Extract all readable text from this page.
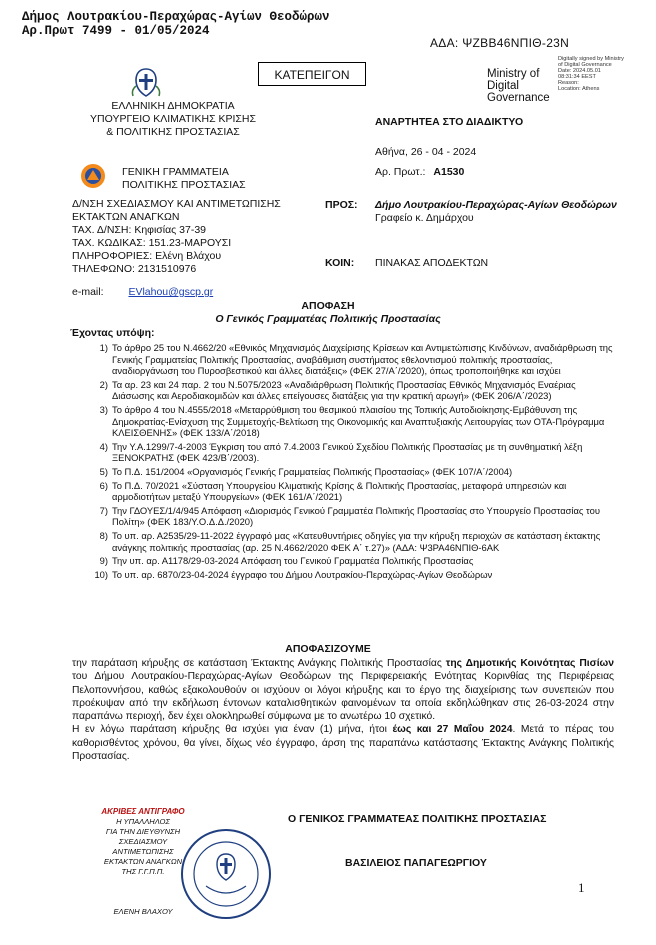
Δήμος Λουτρακίου-Περαχώρας-Αγίων Θεοδώρων
Αρ.Πρωτ 7499 - 01/05/2024
ΑΔΑ: ΨΖΒΒ46ΝΠΙΘ-23Ν
ΚΑΤΕΠΕΙΓΟΝ	Ministry of Digital Governance
Digitally signed by Ministry
of Digital Governance
Date: 2024.05.01
08:31:34 EEST
Reason:
Location: Athens
ΕΛΛΗΝΙΚΗ ΔΗΜΟΚΡΑΤΙΑ
ΥΠΟΥΡΓΕΙΟ ΚΛΙΜΑΤΙΚΗΣ ΚΡΙΣΗΣ
& ΠΟΛΙΤΙΚΗΣ ΠΡΟΣΤΑΣΙΑΣ
ΓΕΝΙΚΗ ΓΡΑΜΜΑΤΕΙΑ
ΠΟΛΙΤΙΚΗΣ ΠΡΟΣΤΑΣΙΑΣ
Δ/ΝΣΗ ΣΧΕΔΙΑΣΜΟΥ ΚΑΙ ΑΝΤΙΜΕΤΩΠΙΣΗΣ
ΕΚΤΑΚΤΩΝ ΑΝΑΓΚΩΝ
ΤΑΧ. Δ/ΝΣΗ: Κηφισίας 37-39
ΤΑΧ. ΚΩΔΙΚΑΣ: 151.23-ΜΑΡΟΥΣΙ
ΠΛΗΡΟΦΟΡΙΕΣ: Ελένη Βλάχου
ΤΗΛΕΦΩΝΟ: 2131510976
e-mail: EVlahou@gscp.gr
ΑΝΑΡΤΗΤΕΑ ΣΤΟ ΔΙΑΔΙΚΤΥΟ
Αθήνα, 26 - 04 - 2024
Αρ. Πρωτ.: Α1530
ΠΡΟΣ: Δήμο Λουτρακίου-Περαχώρας-Αγίων Θεοδώρων
Γραφείο κ. Δημάρχου
ΚΟΙΝ: ΠΙΝΑΚΑΣ ΑΠΟΔΕΚΤΩΝ
ΑΠΟΦΑΣΗ
Ο Γενικός Γραμματέας Πολιτικής Προστασίας
Έχοντας υπόψη:
1) Το άρθρο 25 του Ν.4662/20 «Εθνικός Μηχανισμός Διαχείρισης Κρίσεων και Αντιμετώπισης Κινδύνων, αναδιάρθρωση της Γενικής Γραμματείας Πολιτικής Προστασίας, αναβάθμιση συστήματος εθελοντισμού πολιτικής προστασίας, αναδιοργάνωση του Πυροσβεστικού και άλλες διατάξεις» (ΦΕΚ 27/Α΄/2020), όπως τροποποιήθηκε και ισχύει
2) Τα αρ. 23 και 24 παρ. 2 του Ν.5075/2023 «Αναδιάρθρωση Πολιτικής Προστασίας Εθνικός Μηχανισμός Εναέριας Διάσωσης και Αεροδιακομιδών και άλλες επείγουσες διατάξεις για την κρατική αρωγή» (ΦΕΚ 206/Α΄/2023)
3) Το άρθρο 4 του Ν.4555/2018 «Μεταρρύθμιση του θεσμικού πλαισίου της Τοπικής Αυτοδιοίκησης-Εμβάθυνση της Δημοκρατίας-Ενίσχυση της Συμμετοχής-Βελτίωση της Οικονομικής και Αναπτυξιακής Λειτουργίας των ΟΤΑ-Πρόγραμμα ΚΛΕΙΣΘΕΝΗΣ» (ΦΕΚ 133/Α΄/2018)
4) Την Υ.Α.1299/7-4-2003 Έγκριση του από 7.4.2003 Γενικού Σχεδίου Πολιτικής Προστασίας με τη συνθηματική λέξη ΞΕΝΟΚΡΑΤΗΣ (ΦΕΚ 423/Β΄/2003).
5) Το Π.Δ. 151/2004 «Οργανισμός Γενικής Γραμματείας Πολιτικής Προστασίας» (ΦΕΚ 107/Α΄/2004)
6) Το Π.Δ. 70/2021 «Σύσταση Υπουργείου Κλιματικής Κρίσης & Πολιτικής Προστασίας, μεταφορά υπηρεσιών και αρμοδιοτήτων μεταξύ Υπουργείων» (ΦΕΚ 161/Α΄/2021)
7) Την ΓΔΟΥΕΣ/1/4/945 Απόφαση «Διορισμός Γενικού Γραμματέα Πολιτικής Προστασίας στο Υπουργείο Προστασίας του Πολίτη» (ΦΕΚ 183/Υ.Ο.Δ.Δ./2020)
8) Το υπ. αρ. Α2535/29-11-2022 έγγραφό μας «Κατευθυντήριες οδηγίες για την κήρυξη περιοχών σε κατάσταση έκτακτης ανάγκης πολιτικής προστασίας (αρ. 25 Ν.4662/2020 ΦΕΚ Α΄ τ.27)» (ΑΔΑ: Ψ3ΡΑ46ΝΠΙΘ-6ΑΚ
9) Την υπ. αρ. Α1178/29-03-2024 Απόφαση του Γενικού Γραμματέα Πολιτικής Προστασίας
10) Το υπ. αρ. 6870/23-04-2024 έγγραφο του Δήμου Λουτρακίου-Περαχώρας-Αγίων Θεοδώρων
ΑΠΟΦΑΣΙΖΟΥΜΕ

την παράταση κήρυξης σε κατάσταση Έκτακτης Ανάγκης Πολιτικής Προστασίας της Δημοτικής Κοινότητας Πισίων του Δήμου Λουτρακίου-Περαχώρας-Αγίων Θεοδώρων της Περιφερειακής Ενότητας Κορινθίας της Περιφέρειας Πελοποννήσου, καθώς εξακολουθούν οι ισχύουν οι λόγοι κήρυξης και το έργο της διαχείρισης των συνεπειών που προέκυψαν από την εκδήλωση έντονων καταλισθητικών φαινομένων τα οποία εκδηλώθηκαν στις 26-03-2024 στην παραπάνω περιοχή, δεν έχει ολοκληρωθεί σύμφωνα με το ανωτέρω 10 σχετικό.

Η εν λόγω παράταση κήρυξης θα ισχύει για έναν (1) μήνα, ήτοι έως και 27 Μαΐου 2024. Μετά το πέρας του καθορισθέντος χρόνου, θα γίνει, δίχως νέο έγγραφο, άρση της παραπάνω κατάστασης Έκτακτης Ανάγκης Πολιτικής Προστασίας.

ΑΚΡΙΒΕΣ ΑΝΤΙΓΡΑΦΟ
Η ΥΠΑΛΛΗΛΟΣ
ΓΙΑ ΤΗΝ ΔΙΕΥΘΥΝΣΗ ΣΧΕΔΙΑΣΜΟΥ
ΑΝΤΙΜΕΤΩΠΙΣΗΣ ΕΚΤΑΚΤΩΝ ΑΝΑΓΚΩΝ
ΤΗΣ Γ.Γ.Π.Π.
ΕΛΕΝΗ ΒΛΑΧΟΥ
Ο ΓΕΝΙΚΟΣ ΓΡΑΜΜΑΤΕΑΣ ΠΟΛΙΤΙΚΗΣ ΠΡΟΣΤΑΣΙΑΣ
ΒΑΣΙΛΕΙΟΣ ΠΑΠΑΓΕΩΡΓΙΟΥ
1
